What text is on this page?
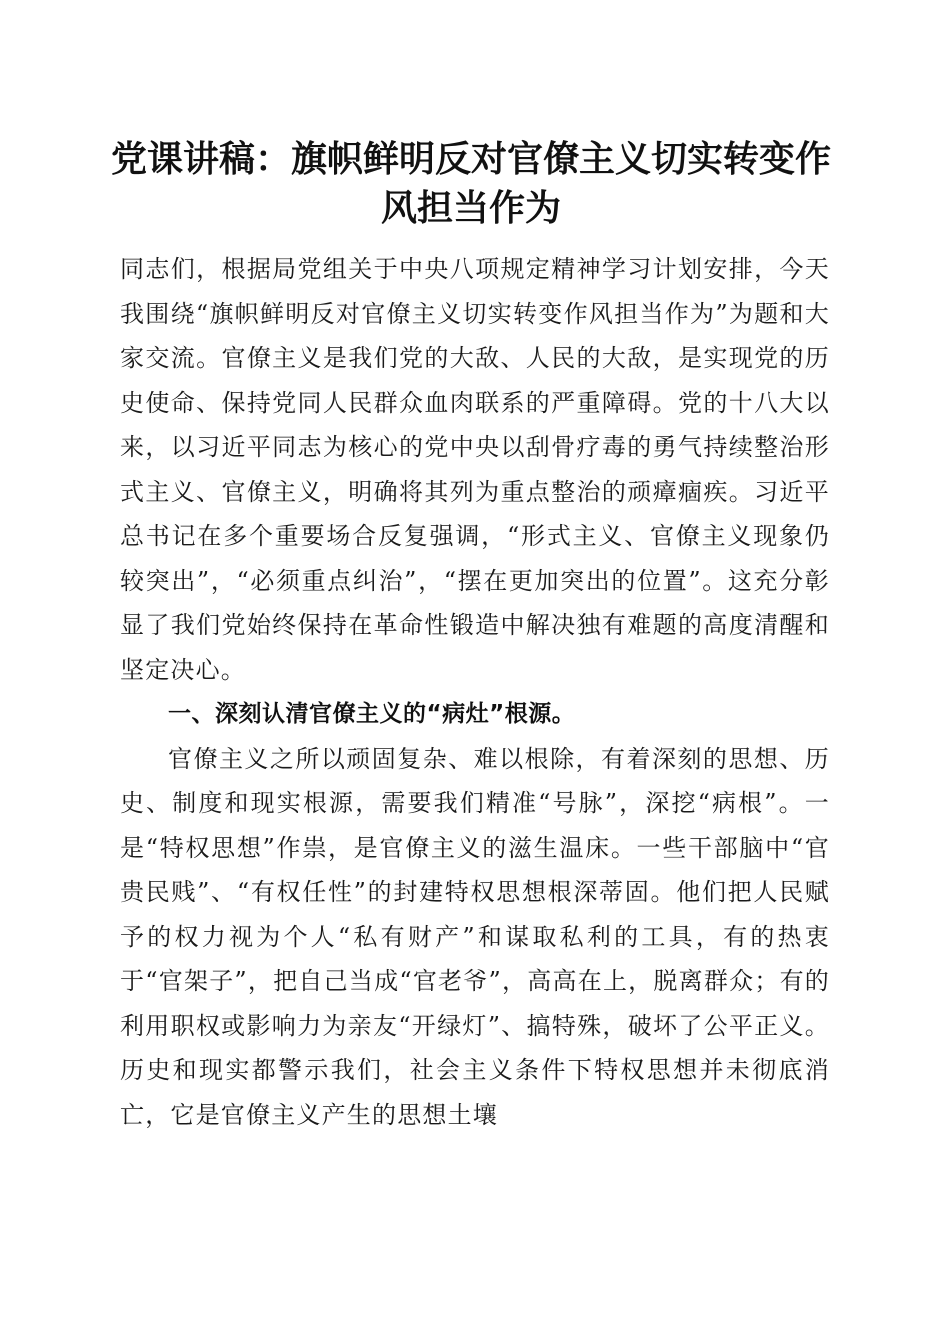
党课讲稿：旗帜鲜明反对官僚主义切实转变作
风担当作为

同志们，根据局党组关于中央八项规定精神学习计划安排，今天我围绕“旗帜鲜明反对官僚主义切实转变作风担当作为”为题和大家交流。官僚主义是我们党的大敌、人民的大敌，是实现党的历史使命、保持党同人民群众血肉联系的严重障碍。党的十八大以来，以习近平同志为核心的党中央以刮骨疗毒的勇气持续整治形式主义、官僚主义，明确将其列为重点整治的顽瘴痼疾。习近平总书记在多个重要场合反复强调，“形式主义、官僚主义现象仍较突出”，“必须重点纠治”，“摆在更加突出的位置”。这充分彰显了我们党始终保持在革命性锻造中解决独有难题的高度清醒和坚定决心。

一、深刻认清官僚主义的“病灶”根源。

官僚主义之所以顽固复杂、难以根除，有着深刻的思想、历史、制度和现实根源，需要我们精准“号脉”，深挖“病根”。一是“特权思想”作祟，是官僚主义的滋生温床。一些干部脑中“官贵民贱”、“有权任性”的封建特权思想根深蒂固。他们把人民赋予的权力视为个人“私有财产”和谋取私利的工具，有的热衷于“官架子”，把自己当成“官老爷”，高高在上，脱离群众；有的利用职权或影响力为亲友“开绿灯”、搞特殊，破坏了公平正义。历史和现实都警示我们，社会主义条件下特权思想并未彻底消亡，它是官僚主义产生的思想土壤
